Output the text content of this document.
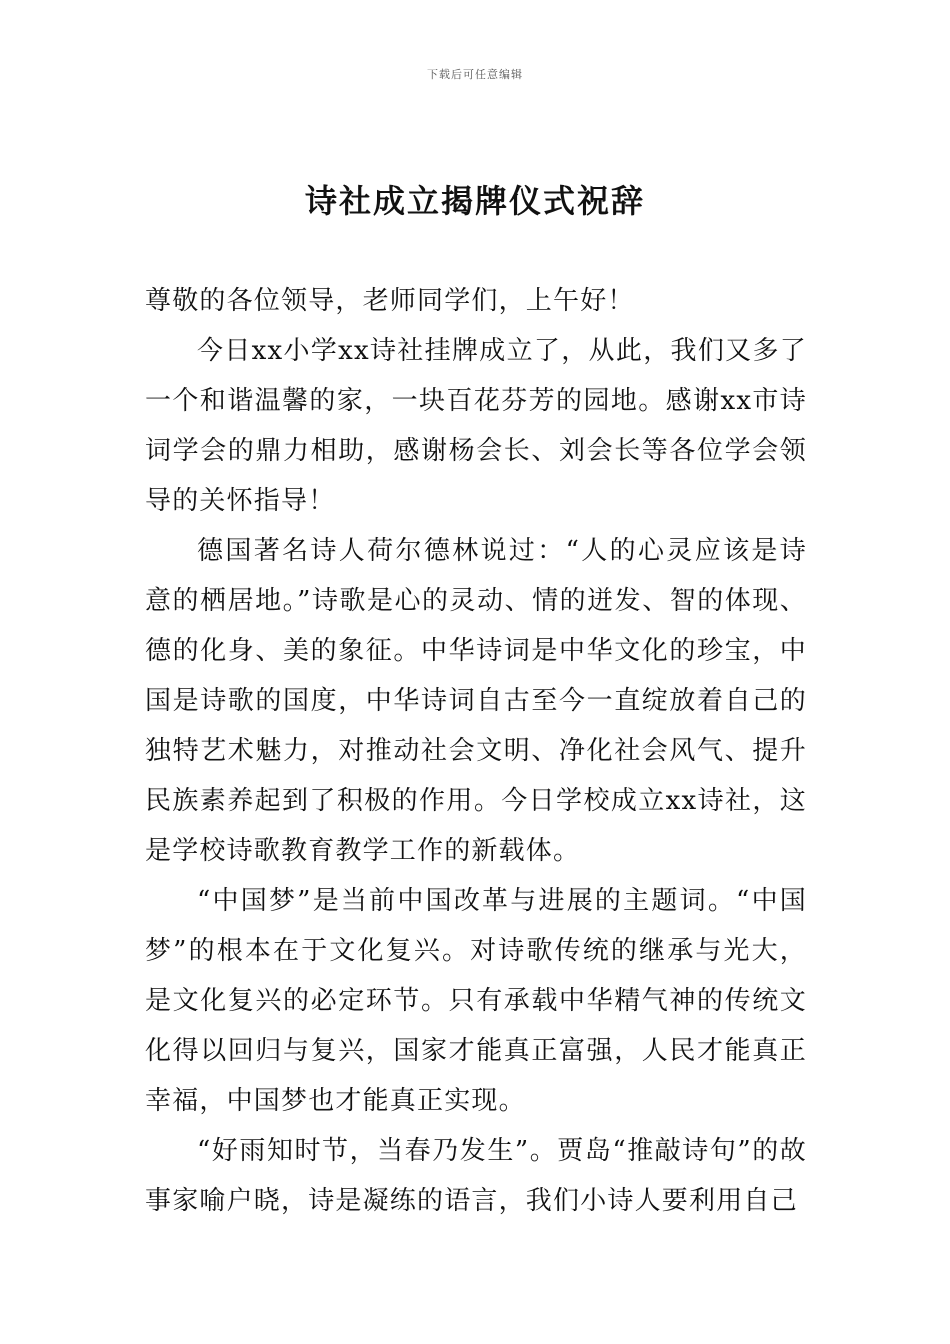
下载后可任意编辑
诗社成立揭牌仪式祝辞

尊敬的各位领导，老师同学们，上午好！

今日xx小学xx诗社挂牌成立了，从此，我们又多了一个和谐温馨的家，一块百花芬芳的园地。感谢xx市诗词学会的鼎力相助，感谢杨会长、刘会长等各位学会领导的关怀指导！

德国著名诗人荷尔德林说过：“人的心灵应该是诗意的栖居地。”诗歌是心的灵动、情的迸发、智的体现、德的化身、美的象征。中华诗词是中华文化的珍宝，中国是诗歌的国度，中华诗词自古至今一直绽放着自己的独特艺术魅力，对推动社会文明、净化社会风气、提升民族素养起到了积极的作用。今日学校成立xx诗社，这是学校诗歌教育教学工作的新载体。

“中国梦”是当前中国改革与进展的主题词。“中国梦”的根本在于文化复兴。对诗歌传统的继承与光大，是文化复兴的必定环节。只有承载中华精气神的传统文化得以回归与复兴，国家才能真正富强，人民才能真正幸福，中国梦也才能真正实现。

“好雨知时节，当春乃发生”。贾岛“推敲诗句”的故事家喻户晓，诗是凝练的语言，我们小诗人要利用自己
